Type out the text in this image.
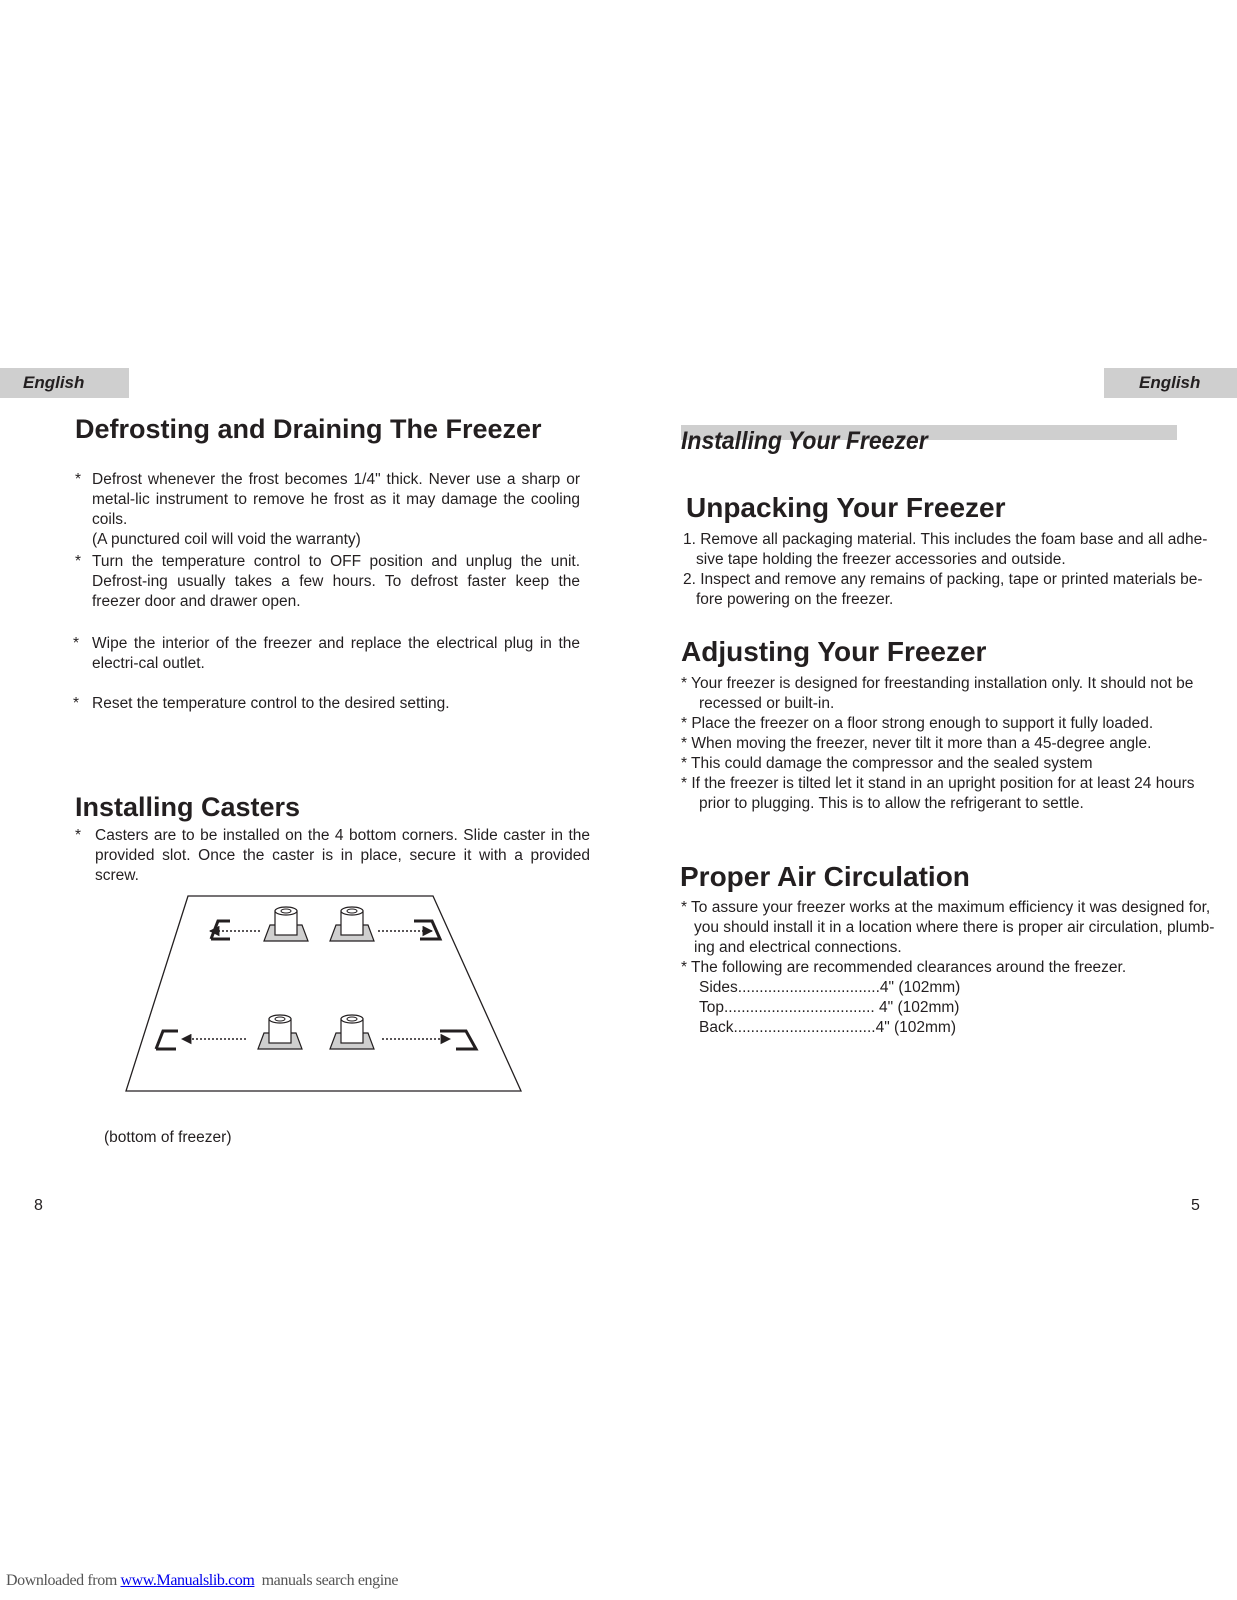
English	English
Defrosting and Draining The Freezer
* Defrost whenever the frost becomes 1/4" thick. Never use a sharp or metal-lic instrument to remove he frost as it may damage the cooling coils.
(A punctured coil will void the warranty)
* Turn the temperature control to OFF position and unplug the unit. Defrost-ing usually takes a few hours. To defrost faster keep the freezer door and drawer open.
* Wipe the interior of the freezer and replace the electrical plug in the electri-cal outlet.
* Reset the temperature control to the desired setting.
Installing Casters
* Casters are to be installed on the 4 bottom corners. Slide caster in the provided slot. Once the caster is in place, secure it with a provided screw.
(bottom of freezer)
8
Installing Your Freezer
Unpacking Your Freezer
1. Remove all packaging material. This includes the foam base and all adhe-
sive tape holding the freezer accessories and outside.
2. Inspect and remove any remains of packing, tape or printed materials be-
fore powering on the freezer.
Adjusting Your Freezer
* Your freezer is designed for freestanding installation only. It should not be
recessed or built-in.
* Place the freezer on a floor strong enough to support it fully loaded.
* When moving the freezer, never tilt it more than a 45-degree angle.
* This could damage the compressor and the sealed system
* If the freezer is tilted let it stand in an upright position for at least 24 hours
prior to plugging. This is to allow the refrigerant to settle.
Proper Air Circulation
* To assure your freezer works at the maximum efficiency it was designed for,
you should install it in a location where there is proper air circulation, plumb-
ing and electrical connections.
* The following are recommended clearances around the freezer.
Sides.................................4" (102mm)
Top................................... 4" (102mm)
Back.................................4" (102mm)
5
Downloaded from www.Manualslib.com  manuals search engine
